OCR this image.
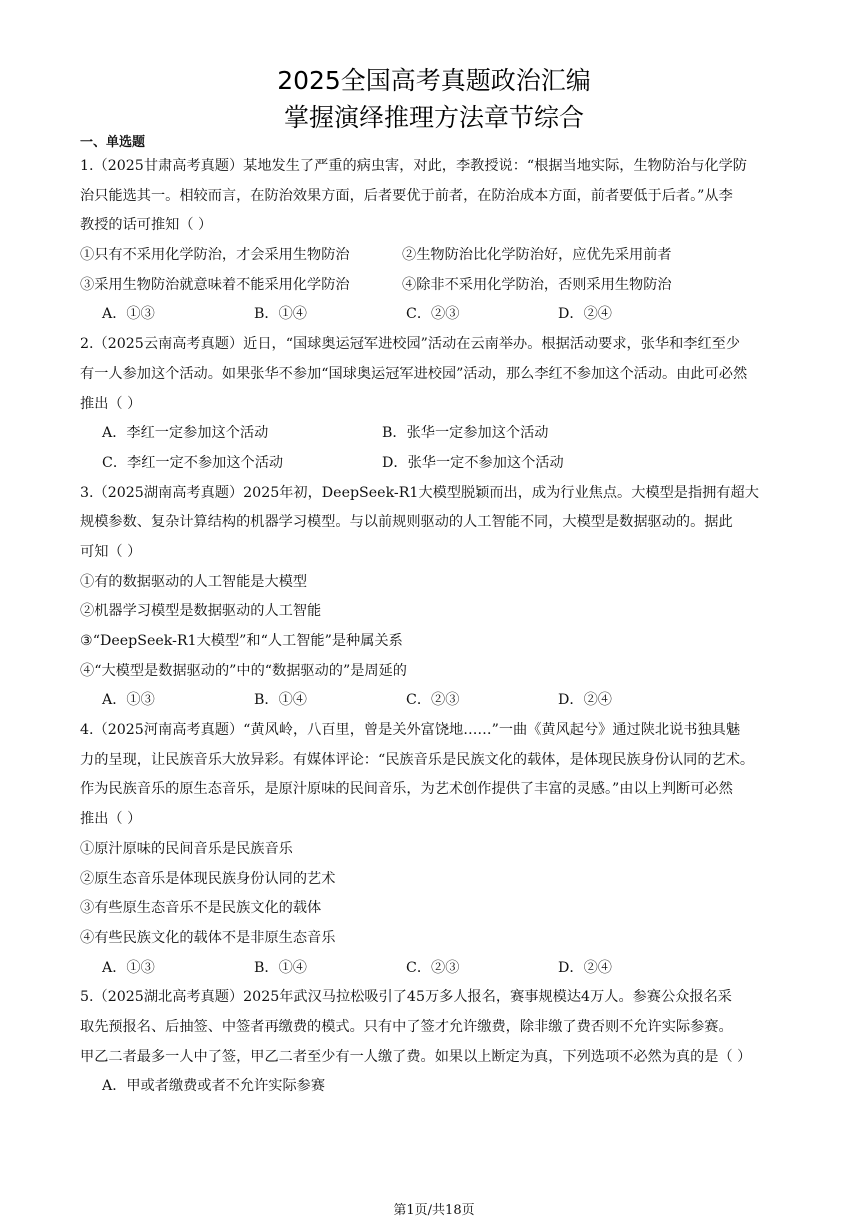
2025全国高考真题政治汇编
掌握演绎推理方法章节综合
一、单选题
1.（2025甘肃高考真题）某地发生了严重的病虫害，对此，李教授说：“根据当地实际，生物防治与化学防
治只能选其一。相较而言，在防治效果方面，后者要优于前者，在防治成本方面，前者要低于后者。”从李
教授的话可推知（ ）
①只有不采用化学防治，才会采用生物防治	②生物防治比化学防治好，应优先采用前者
③采用生物防治就意味着不能采用化学防治	④除非不采用化学防治，否则采用生物防治
A．①③	B．①④	C．②③	D．②④
2.（2025云南高考真题）近日，“国球奥运冠军进校园”活动在云南举办。根据活动要求，张华和李红至少
有一人参加这个活动。如果张华不参加“国球奥运冠军进校园”活动，那么李红不参加这个活动。由此可必然
推出（ ）
A．李红一定参加这个活动	B．张华一定参加这个活动
C．李红一定不参加这个活动	D．张华一定不参加这个活动
3.（2025湖南高考真题）2025年初，DeepSeek-R1大模型脱颖而出，成为行业焦点。大模型是指拥有超大
规模参数、复杂计算结构的机器学习模型。与以前规则驱动的人工智能不同，大模型是数据驱动的。据此
可知（ ）
①有的数据驱动的人工智能是大模型
②机器学习模型是数据驱动的人工智能
③“DeepSeek-R1大模型”和“人工智能”是种属关系
④“大模型是数据驱动的”中的“数据驱动的”是周延的
A．①③	B．①④	C．②③	D．②④
4.（2025河南高考真题）“黄风岭，八百里，曾是关外富饶地……”一曲《黄风起兮》通过陕北说书独具魅
力的呈现，让民族音乐大放异彩。有媒体评论：“民族音乐是民族文化的载体，是体现民族身份认同的艺术。
作为民族音乐的原生态音乐，是原汁原味的民间音乐，为艺术创作提供了丰富的灵感。”由以上判断可必然
推出（ ）
①原汁原味的民间音乐是民族音乐
②原生态音乐是体现民族身份认同的艺术
③有些原生态音乐不是民族文化的载体
④有些民族文化的载体不是非原生态音乐
A．①③	B．①④	C．②③	D．②④
5.（2025湖北高考真题）2025年武汉马拉松吸引了45万多人报名，赛事规模达4万人。参赛公众报名采
取先预报名、后抽签、中签者再缴费的模式。只有中了签才允许缴费，除非缴了费否则不允许实际参赛。
甲乙二者最多一人中了签，甲乙二者至少有一人缴了费。如果以上断定为真，下列选项不必然为真的是（ ）
A．甲或者缴费或者不允许实际参赛
第1页/共18页
